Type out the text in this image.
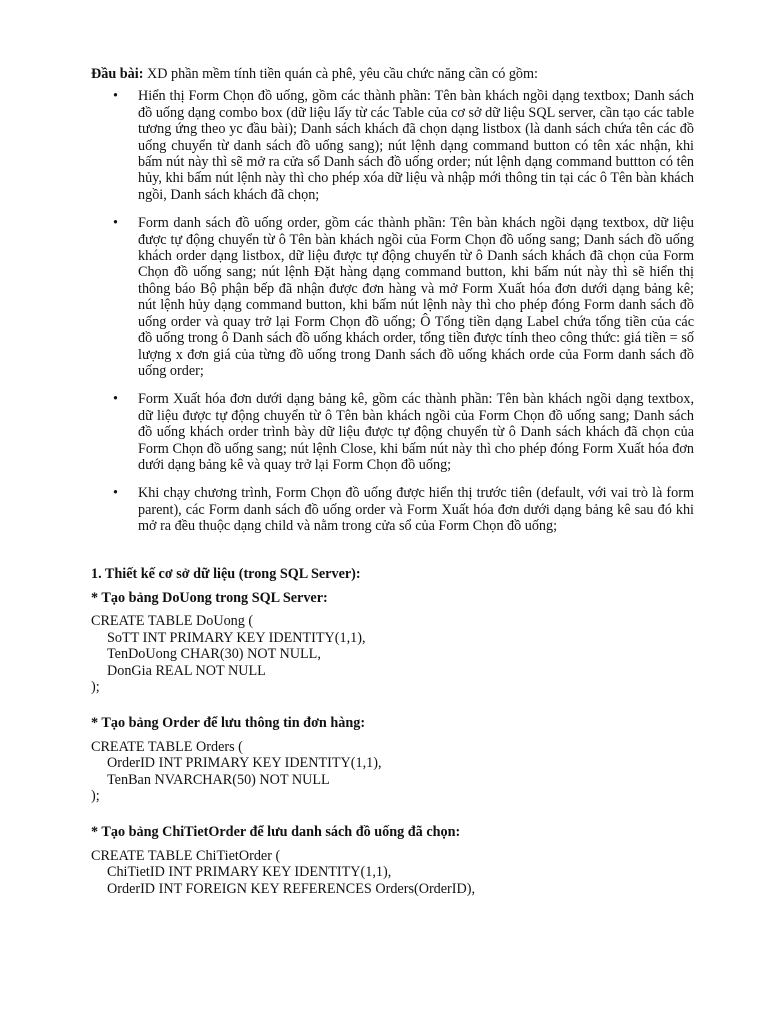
Đầu bài: XD phần mềm tính tiền quán cà phê, yêu cầu chức năng cần có gồm:

• Hiển thị Form Chọn đồ uống, gồm các thành phần: Tên bàn khách ngồi dạng textbox; Danh sách đồ uống dạng combo box (dữ liệu lấy từ các Table của cơ sở dữ liệu SQL server, cần tạo các table tương ứng theo yc đầu bài); Danh sách khách đã chọn dạng listbox (là danh sách chứa tên các đồ uống chuyển từ danh sách đồ uống sang); nút lệnh dạng command button có tên xác nhận, khi bấm nút này thì sẽ mở ra cửa sổ Danh sách đồ uống order; nút lệnh dạng command buttton có tên hủy, khi bấm nút lệnh này thì cho phép xóa dữ liệu và nhập mới thông tin tại các ô Tên bàn khách ngồi, Danh sách khách đã chọn;
• Form danh sách đồ uống order, gồm các thành phần: Tên bàn khách ngồi dạng textbox, dữ liệu được tự động chuyển từ ô Tên bàn khách ngồi của Form Chọn đồ uống sang; Danh sách đồ uống khách order dạng listbox, dữ liệu được tự động chuyển từ ô Danh sách khách đã chọn của Form Chọn đồ uống sang; nút lệnh Đặt hàng dạng command button, khi bấm nút này thì sẽ hiển thị thông báo Bộ phận bếp đã nhận được đơn hàng và mở Form Xuất hóa đơn dưới dạng bảng kê; nút lệnh hủy dạng command button, khi bấm nút lệnh này thì cho phép đóng Form danh sách đồ uống order và quay trở lại Form Chọn đồ uống; Ô Tổng tiền dạng Label chứa tổng tiền của các đồ uống trong ô Danh sách đồ uống khách order, tổng tiền được tính theo công thức: giá tiền = số lượng x đơn giá của từng đồ uống trong Danh sách đồ uống khách orde của Form danh sách đồ uống order;
• Form Xuất hóa đơn dưới dạng bảng kê, gồm các thành phần: Tên bàn khách ngồi dạng textbox, dữ liệu được tự động chuyển từ ô Tên bàn khách ngồi của Form Chọn đồ uống sang; Danh sách đồ uống khách order trình bày dữ liệu được tự động chuyển từ ô Danh sách khách đã chọn của Form Chọn đồ uống sang; nút lệnh Close, khi bấm nút này thì cho phép đóng Form Xuất hóa đơn dưới dạng bảng kê và quay trở lại Form Chọn đồ uống;
• Khi chạy chương trình, Form Chọn đồ uống được hiển thị trước tiên (default, với vai trò là form parent), các Form danh sách đồ uống order và Form Xuất hóa đơn dưới dạng bảng kê sau đó khi mở ra đều thuộc dạng child và nằm trong cửa sổ của Form Chọn đồ uống;

1. Thiết kế cơ sở dữ liệu (trong SQL Server):

* Tạo bảng DoUong trong SQL Server:

CREATE TABLE DoUong (
SoTT INT PRIMARY KEY IDENTITY(1,1),
TenDoUong CHAR(30) NOT NULL,
DonGia REAL NOT NULL
);

* Tạo bảng Order để lưu thông tin đơn hàng:

CREATE TABLE Orders (
OrderID INT PRIMARY KEY IDENTITY(1,1),
TenBan NVARCHAR(50) NOT NULL
);

* Tạo bảng ChiTietOrder để lưu danh sách đồ uống đã chọn:

CREATE TABLE ChiTietOrder (
ChiTietID INT PRIMARY KEY IDENTITY(1,1),
OrderID INT FOREIGN KEY REFERENCES Orders(OrderID),
